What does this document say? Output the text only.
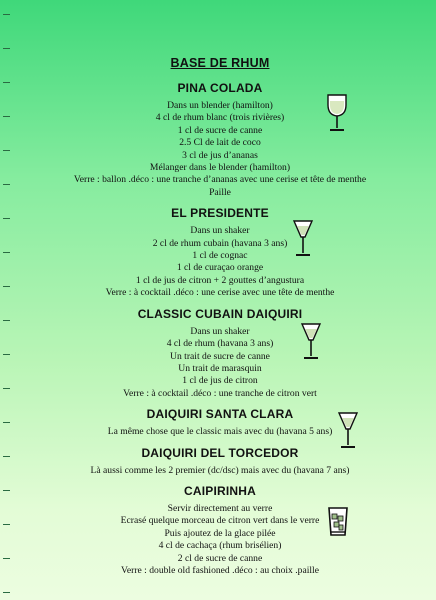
BASE DE RHUM
PINA COLADA
Dans un blender (hamilton)
4 cl de rhum blanc (trois rivières)
1 cl de sucre de canne
2.5 Cl de lait de coco
3 cl de jus d’ananas
Mélanger dans le blender (hamilton)
Verre : ballon .déco : une tranche d’ananas avec une cerise et tête de menthe
Paille
EL PRESIDENTE
Dans un shaker
2 cl de rhum cubain (havana 3 ans)
1 cl de cognac
1 cl de curaçao orange
1 cl de jus de citron + 2 gouttes d’angustura
Verre : à cocktail .déco : une cerise avec une tête de menthe
CLASSIC CUBAIN DAIQUIRI
Dans un shaker
4 cl de rhum (havana 3 ans)
Un trait de sucre de canne
Un trait de marasquin
1 cl de jus de citron
Verre : à cocktail .déco : une tranche de citron vert
DAIQUIRI SANTA CLARA
La même chose que le classic mais avec du (havana 5 ans)
DAIQUIRI DEL TORCEDOR
Là aussi comme les 2 premier (dc/dsc) mais avec du (havana 7 ans)
CAIPIRINHA
Servir directement au verre
Ecrasé quelque morceau de citron vert dans le verre
Puis ajoutez de la glace pilée
4 cl de cachaça (rhum brisélien)
2 cl de sucre de canne
Verre : double old fashioned .déco : au choix .paille
